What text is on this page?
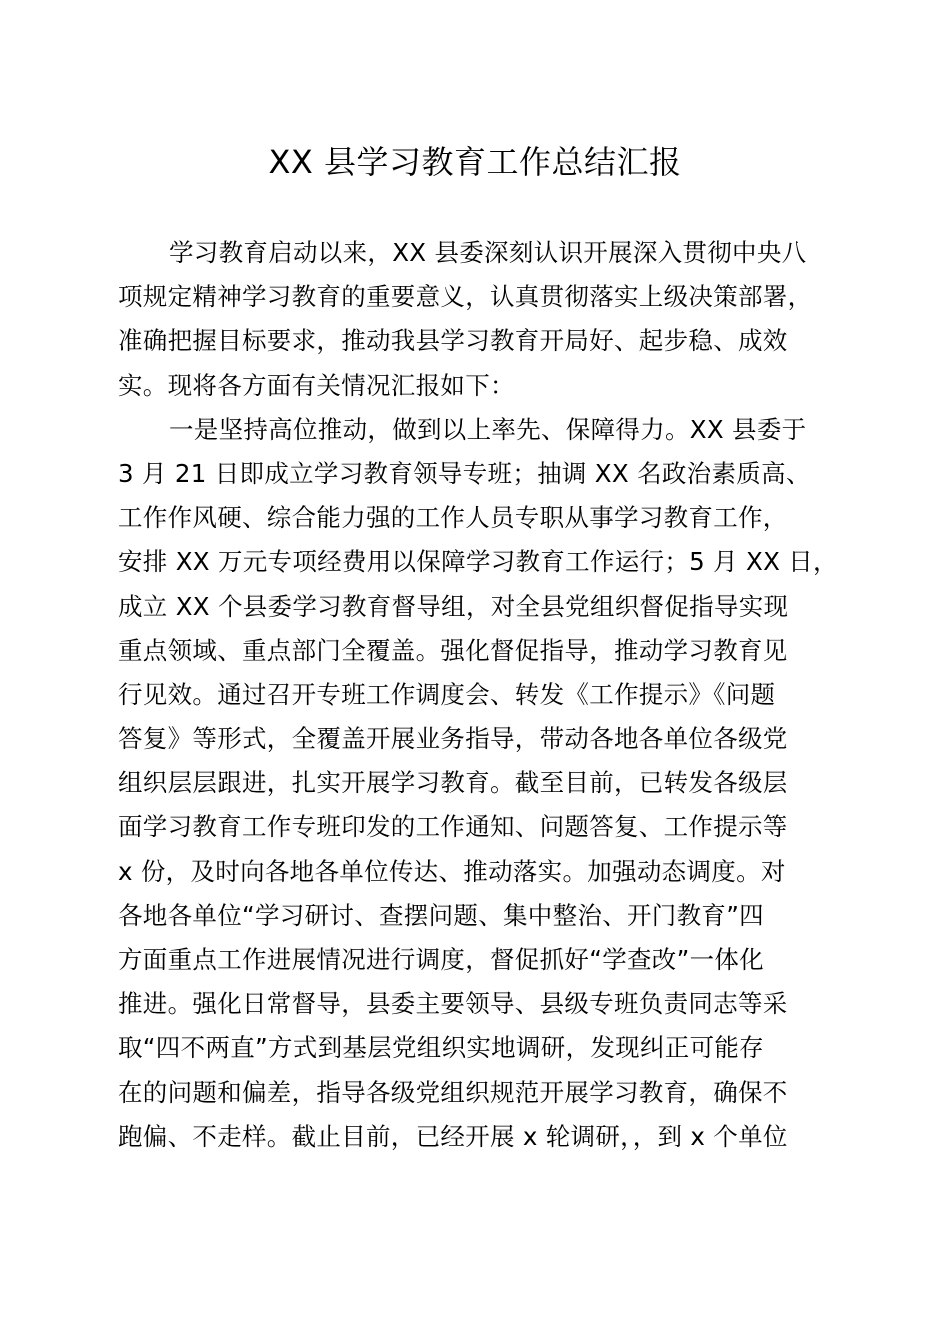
XX 县学习教育工作总结汇报
学习教育启动以来，XX 县委深刻认识开展深入贯彻中央八
项规定精神学习教育的重要意义，认真贯彻落实上级决策部署，
准确把握目标要求，推动我县学习教育开局好、起步稳、成效
实。现将各方面有关情况汇报如下：
一是坚持高位推动，做到以上率先、保障得力。XX 县委于
3 月 21 日即成立学习教育领导专班；抽调 XX 名政治素质高、
工作作风硬、综合能力强的工作人员专职从事学习教育工作，
安排 XX 万元专项经费用以保障学习教育工作运行；5 月 XX 日，
成立 XX 个县委学习教育督导组，对全县党组织督促指导实现
重点领域、重点部门全覆盖。强化督促指导，推动学习教育见
行见效。通过召开专班工作调度会、转发《工作提示》《问题
答复》等形式，全覆盖开展业务指导，带动各地各单位各级党
组织层层跟进，扎实开展学习教育。截至目前，已转发各级层
面学习教育工作专班印发的工作通知、问题答复、工作提示等
x 份，及时向各地各单位传达、推动落实。加强动态调度。对
各地各单位“学习研讨、查摆问题、集中整治、开门教育”四
方面重点工作进展情况进行调度，督促抓好“学查改”一体化
推进。强化日常督导，县委主要领导、县级专班负责同志等采
取“四不两直”方式到基层党组织实地调研，发现纠正可能存
在的问题和偏差，指导各级党组织规范开展学习教育，确保不
跑偏、不走样。截止目前，已经开展 x 轮调研，，到 x 个单位
